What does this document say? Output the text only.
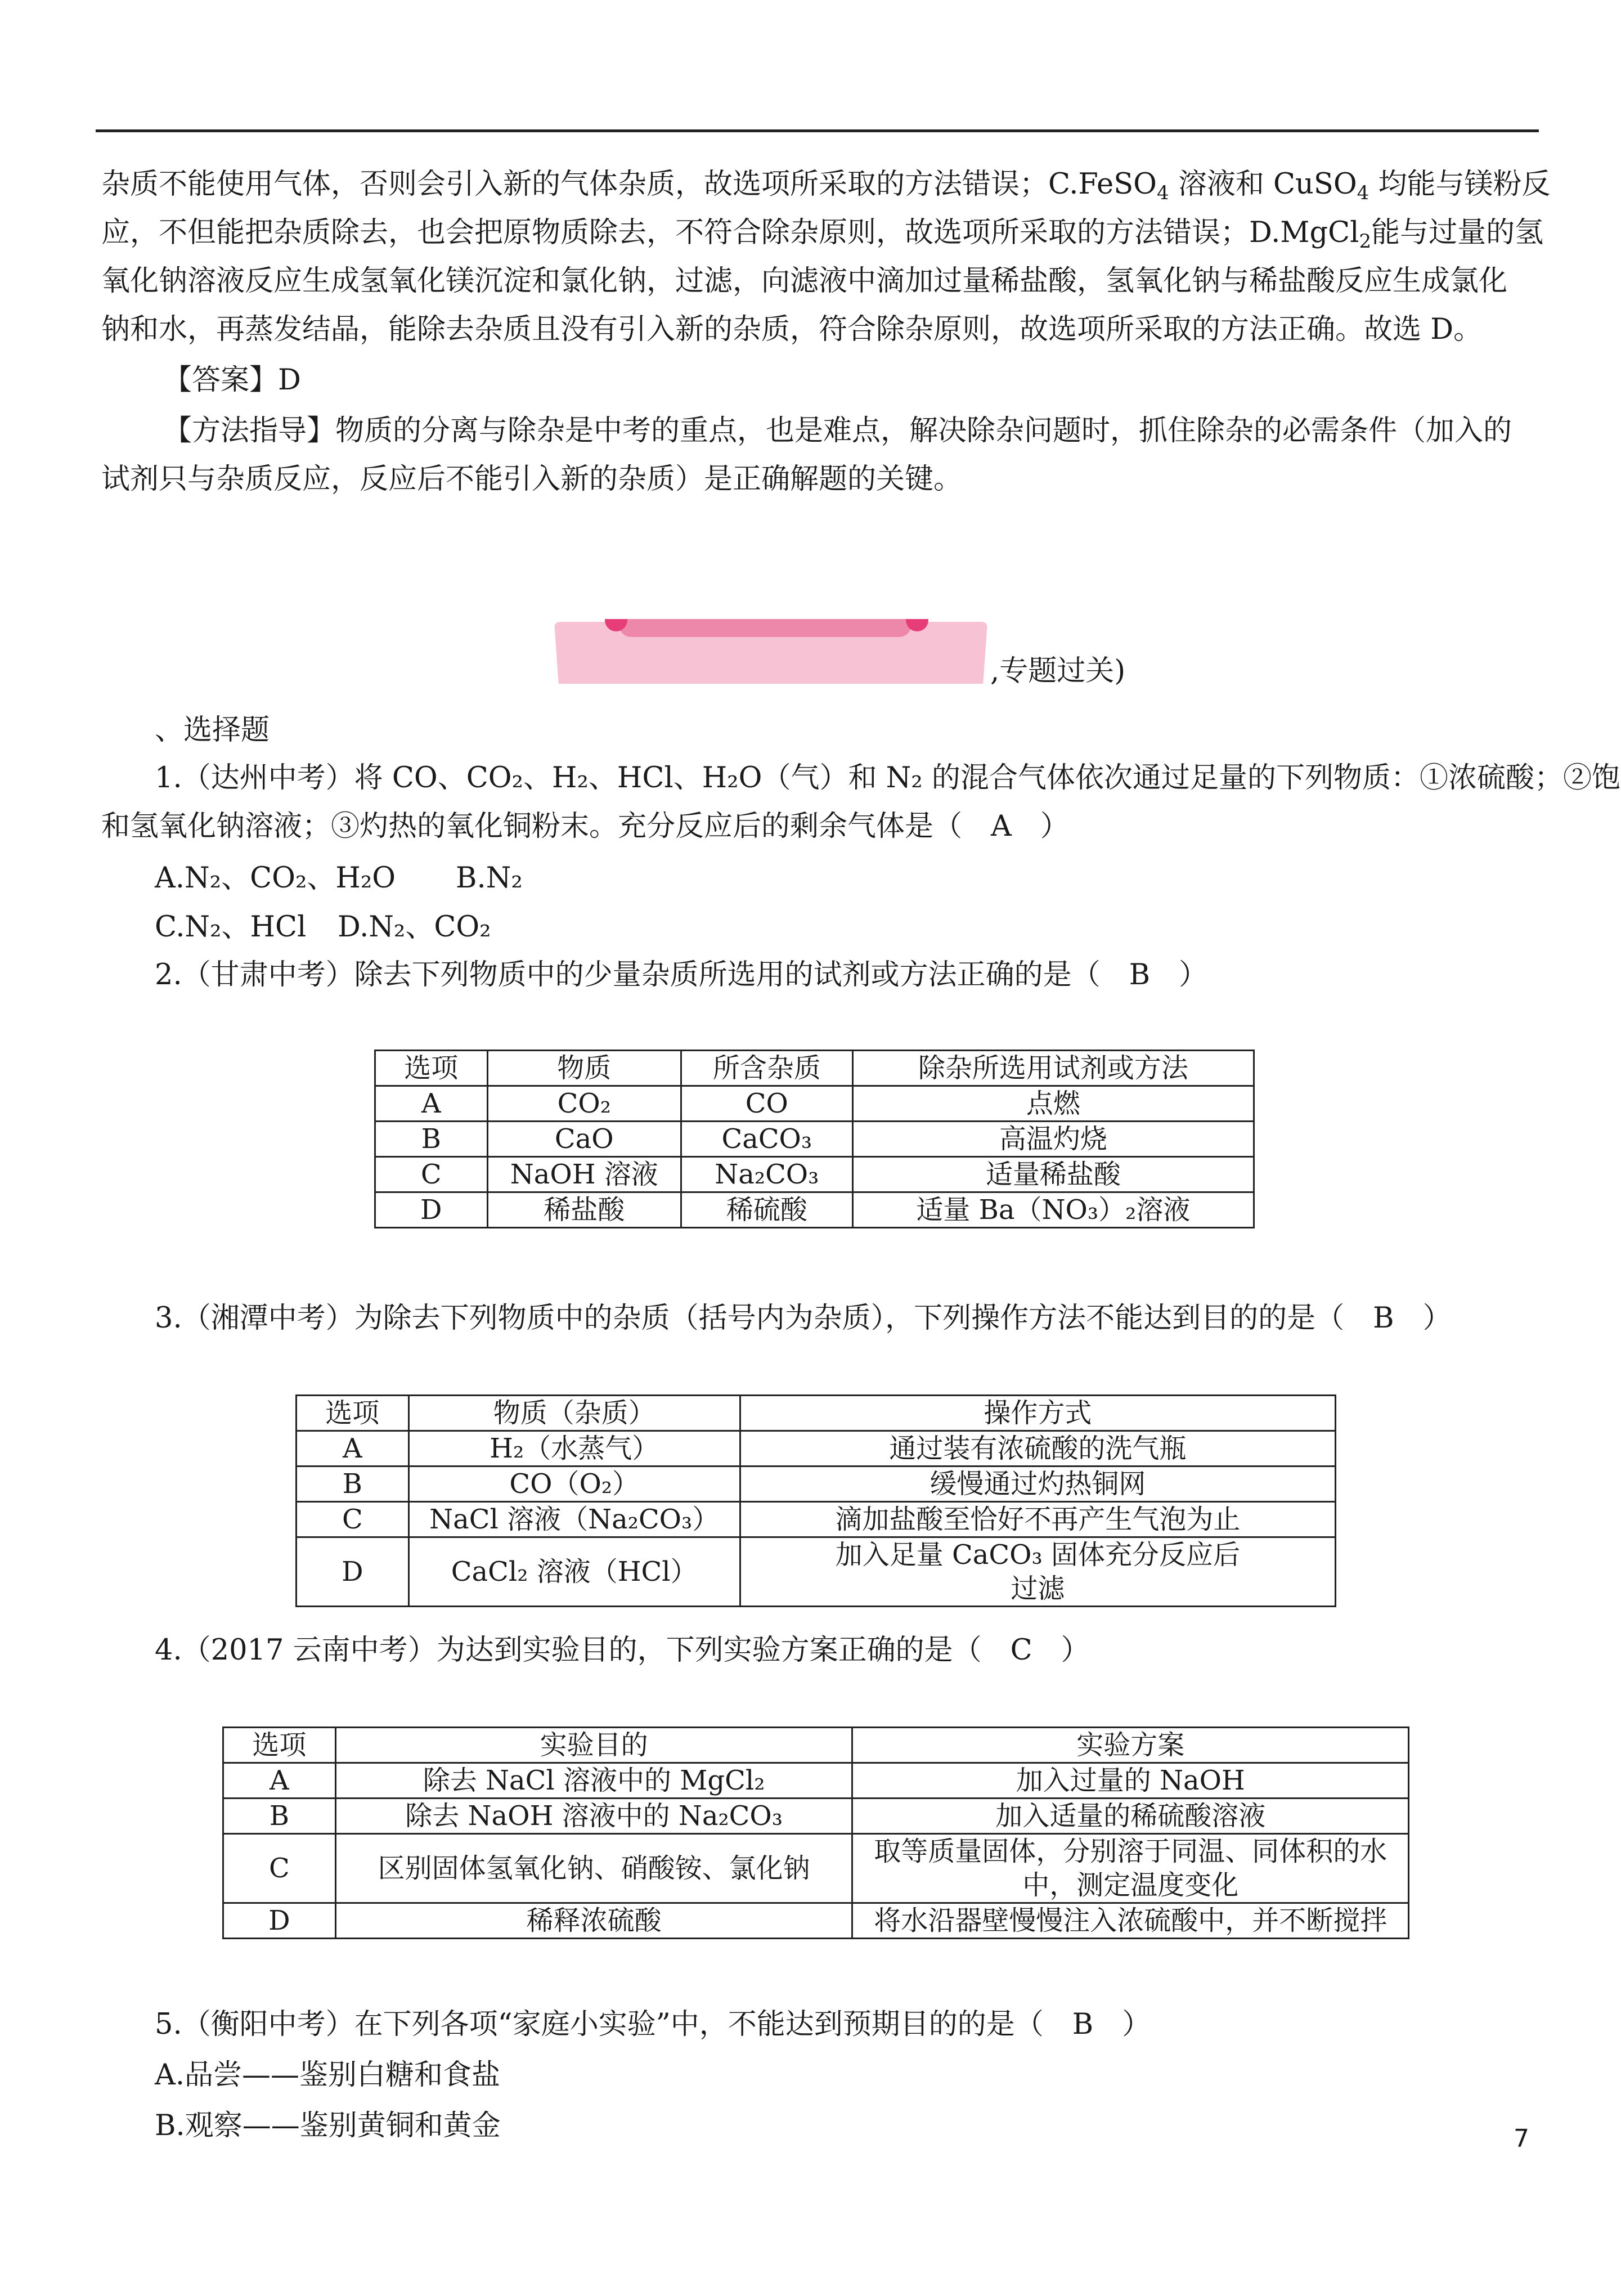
杂质不能使用气体，否则会引入新的气体杂质，故选项所采取的方法错误；C.FeSO$_4$ 溶液和 CuSO$_4$ 均能与镁粉反
应，不但能把杂质除去，也会把原物质除去，不符合除杂原则，故选项所采取的方法错误；D.MgCl$_2$能与过量的氢
氧化钠溶液反应生成氢氧化镁沉淀和氯化钠，过滤，向滤液中滴加过量稀盐酸，氢氧化钠与稀盐酸反应生成氯化
钠和水，再蒸发结晶，能除去杂质且没有引入新的杂质，符合除杂原则，故选项所采取的方法正确。故选 D。
【答案】D
【方法指导】物质的分离与除杂是中考的重点，也是难点，解决除杂问题时，抓住除杂的必需条件（加入的
试剂只与杂质反应，反应后不能引入新的杂质）是正确解题的关键。
,专题过关)
、选择题
1.（达州中考）将 CO、CO₂、H₂、HCl、H₂O（气）和 N₂ 的混合气体依次通过足量的下列物质：①浓硫酸；②饱
和氢氧化钠溶液；③灼热的氧化铜粉末。充分反应后的剩余气体是（　A　）
A.N₂、CO₂、H₂O B.N₂
C.N₂、HCl D.N₂、CO₂
2.（甘肃中考）除去下列物质中的少量杂质所选用的试剂或方法正确的是（　B　）
选项	物质	所含杂质	除杂所选用试剂或方法
A	CO₂	CO	点燃
B	CaO	CaCO₃	高温灼烧
C	NaOH 溶液	Na₂CO₃	适量稀盐酸
D	稀盐酸	稀硫酸	适量 Ba（NO₃）₂溶液
3.（湘潭中考）为除去下列物质中的杂质（括号内为杂质），下列操作方法不能达到目的的是（　B　）
选项	物质（杂质）	操作方式
A	H₂（水蒸气）	通过装有浓硫酸的洗气瓶
B	CO（O₂）	缓慢通过灼热铜网
C	NaCl 溶液（Na₂CO₃）	滴加盐酸至恰好不再产生气泡为止
D	CaCl₂ 溶液（HCl）	加入足量 CaCO₃ 固体充分反应后过滤
4.（2017 云南中考）为达到实验目的，下列实验方案正确的是（　C　）
选项	实验目的	实验方案
A	除去 NaCl 溶液中的 MgCl₂	加入过量的 NaOH
B	除去 NaOH 溶液中的 Na₂CO₃	加入适量的稀硫酸溶液
C	区别固体氢氧化钠、硝酸铵、氯化钠	取等质量固体，分别溶于同温、同体积的水中，测定温度变化
D	稀释浓硫酸	将水沿器壁慢慢注入浓硫酸中，并不断搅拌
5.（衡阳中考）在下列各项“家庭小实验”中，不能达到预期目的的是（　B　）
A.品尝——鉴别白糖和食盐
B.观察——鉴别黄铜和黄金	7
